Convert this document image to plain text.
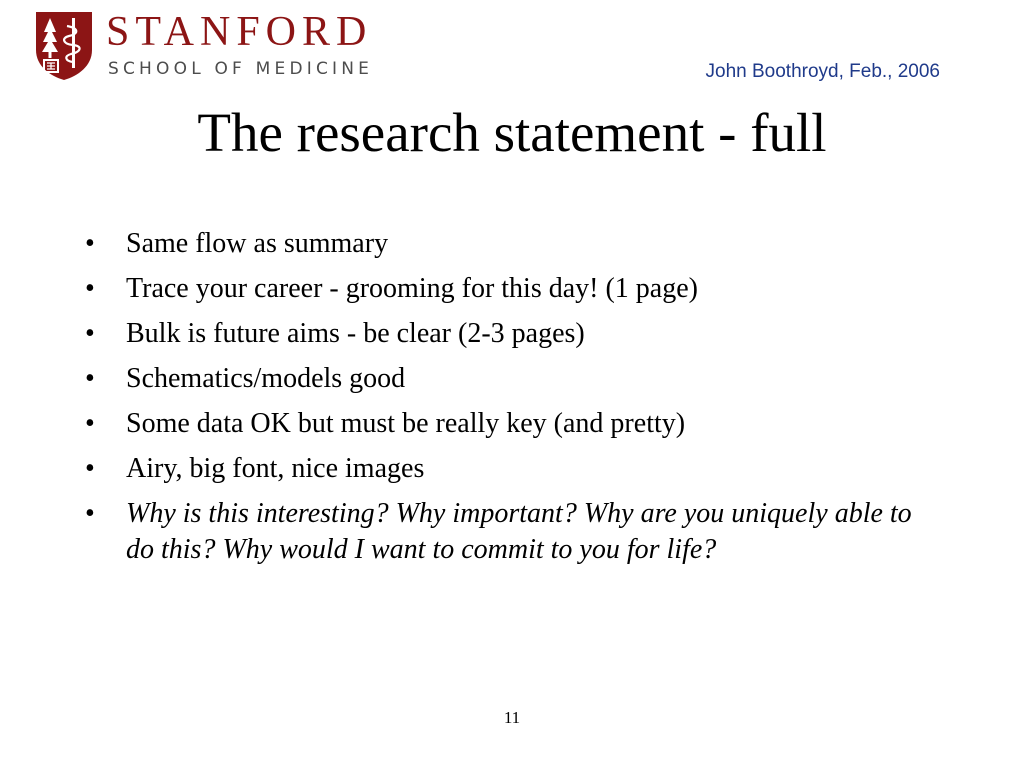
STANFORD
SCHOOL OF MEDICINE	John Boothroyd, Feb., 2006
The research statement - full
• Same flow as summary
• Trace your career - grooming for this day! (1 page)
• Bulk is future aims - be clear (2-3 pages)
• Schematics/models good
• Some data OK but must be really key (and pretty)
• Airy, big font, nice images
• Why is this interesting? Why important? Why are you uniquely able to do this? Why would I want to commit to you for life?
11
